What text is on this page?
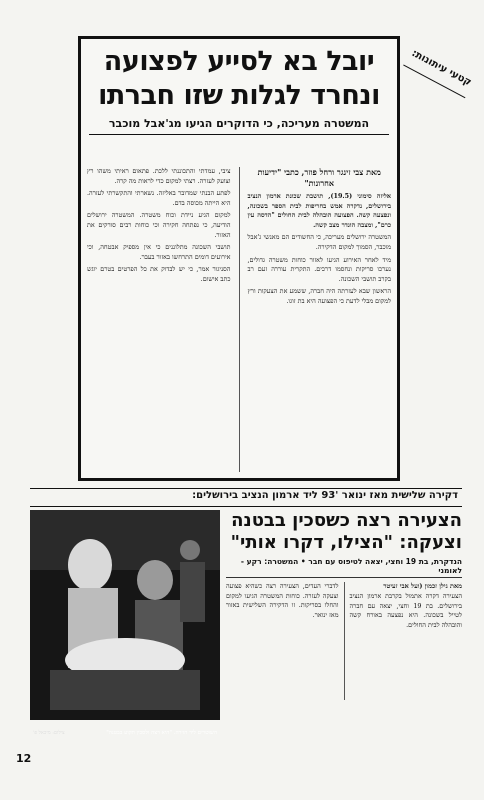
קטעי עיתונות:
יובל בא לסייע לפצועה
ונחרד לגלות שזו חברתו
המשטרה מעריכה, כי הדוקרים הגיעו מג'אבל מוכבר
מאת צבי זינגר ורחל פוזר, כתבי "ידיעות אחרונות"

אליזה סימוני (19.5), תושבת שכונת ארמון הנציב בירושלים, נדקרה אמש בחריפות לבית הספר בשכונה, ונפצעה קשה. הפצועה הובהלה לבית החולים "הדסה עין כרם", ומצבה הוגדר מצב קשה.

המשטרה ירושלים מעריכה, כי החשודים הם מאנשי ג'אבל מוכבר, הסמוך למקום הדקירה.

מיד לאחר האירוע הגיעו לאזור כוחות משטרה גדולים, נערכו סריקות ונחסמו דרכים. התקרית עוררה זעם רב בקרב תושבי השכונה.

הראשון שבא לעזרתה היה חברה, ששמע את הצעקות ורץ למקום מבלי לדעת כי הפצועה היא בת זוגו.

ציבי, עמדתי והתכוננתי ללכת. פתאום ראיתי משהו רץ וצועק לעזרה. רצתי למקום כדי לראות מה קרה.

לפתע הבנתי שמדובר באליזה. נשארתי והתקשרתי לעזרה. היא הייתה מכוסה בדם.

למקום הגיע ניידת וכוח משטרה. המשטרה ירושלים הודיעה, כי נפתחה חקירה וכי כוחות רבים סורקים את האזור.

תושבי השכונה מתלוננים כי אין מספיק אבטחה, וכי אירועים דומים התרחשו באזור בעבר.

הסניגור אמר, כי יש לבדוק את כל הפרטים בטרם יוגש כתב אישום.

דקירה שלישית מאז ינואר '93 ליד ארמון הנציב בירושלים:
השוטרים ליד הזירה. "היא רצה ולסכין תקוע בבטנה"
צילום: מיכאל פ'
הצעירה רצה כשסכין בבטנה
וצעקה: "הצילו, דקרו אותי"
הנדקרת, בת 19 וחצי, יצאה לטיפוס עם חבר • המשטרה: רקע - לאומני
מאת גילן זכמון (ועל אבי זעיטר
הצעירה דקרה אתמול בקרבת ארמון הנציב בירושלים. בת 19 וחצי, יצאה עם חברה לטייל בשכונה. היא נפצעה באורח קשה והובהלה לבית החולים.
לדברי העדים, הצעירה רצה כשהיא פצועה וצעקה לעזרה. כוחות המשטרה הגיעו למקום והחלו בסריקות. זו הדקירה השלישית באזור מאז ינואר.
12
